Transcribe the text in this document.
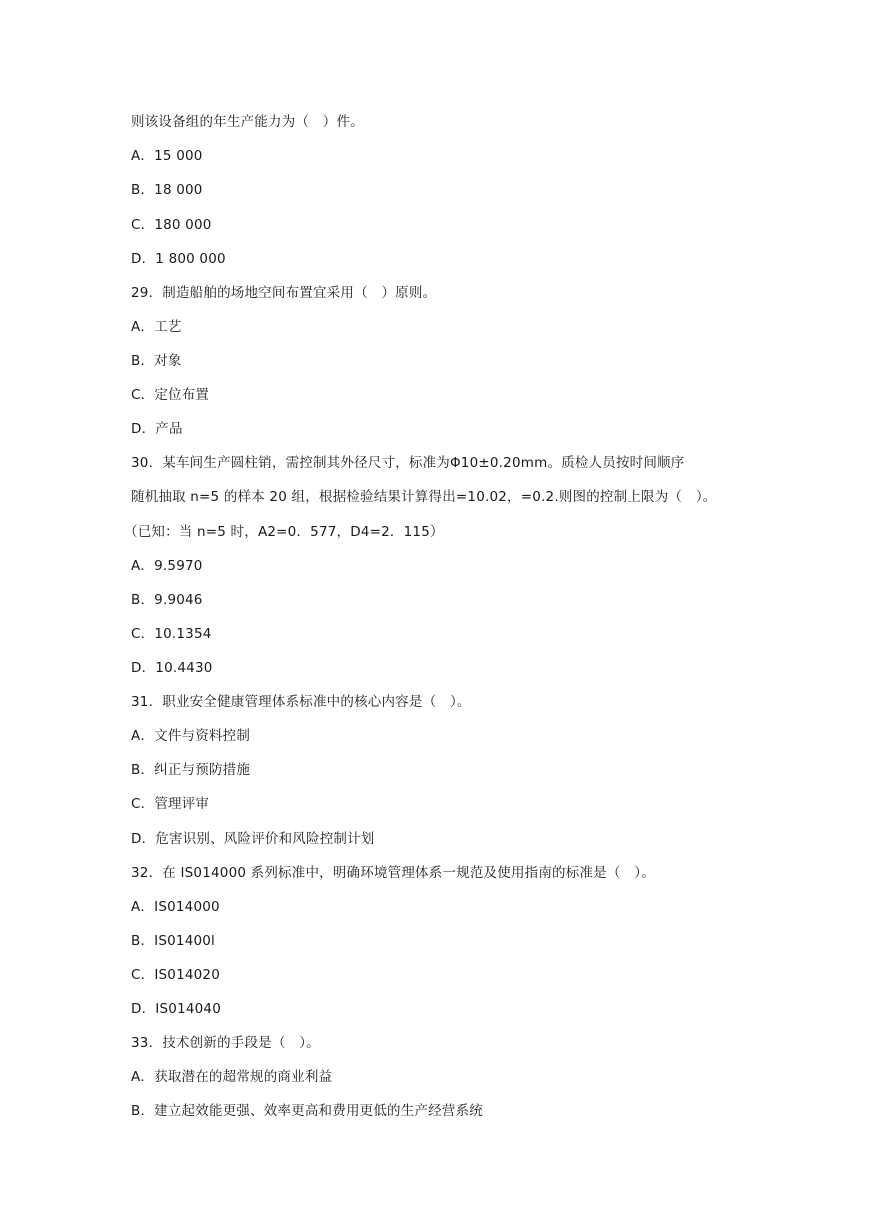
则该设备组的年生产能力为（　）件。
A．15 000
B．18 000
C．180 000
D．1 800 000
29．制造船舶的场地空间布置宜采用（　）原则。
A．工艺
B．对象
C．定位布置
D．产品
30．某车间生产圆柱销，需控制其外径尺寸，标准为Φ10±0.20mm。质检人员按时间顺序
随机抽取 n=5 的样本 20 组，根据检验结果计算得出=10.02，=0.2.则图的控制上限为（　）。
（已知：当 n=5 时，A2=0．577，D4=2．115）
A．9.5970
B．9.9046
C．10.1354
D．10.4430
31．职业安全健康管理体系标准中的核心内容是（　）。
A．文件与资料控制
B．纠正与预防措施
C．管理评审
D．危害识别、风险评价和风险控制计划
32．在 IS014000 系列标准中，明确环境管理体系一规范及使用指南的标准是（　）。
A．IS014000
B．IS01400l
C．IS014020
D．IS014040
33．技术创新的手段是（　）。
A．获取潜在的超常规的商业利益
B．建立起效能更强、效率更高和费用更低的生产经营系统
